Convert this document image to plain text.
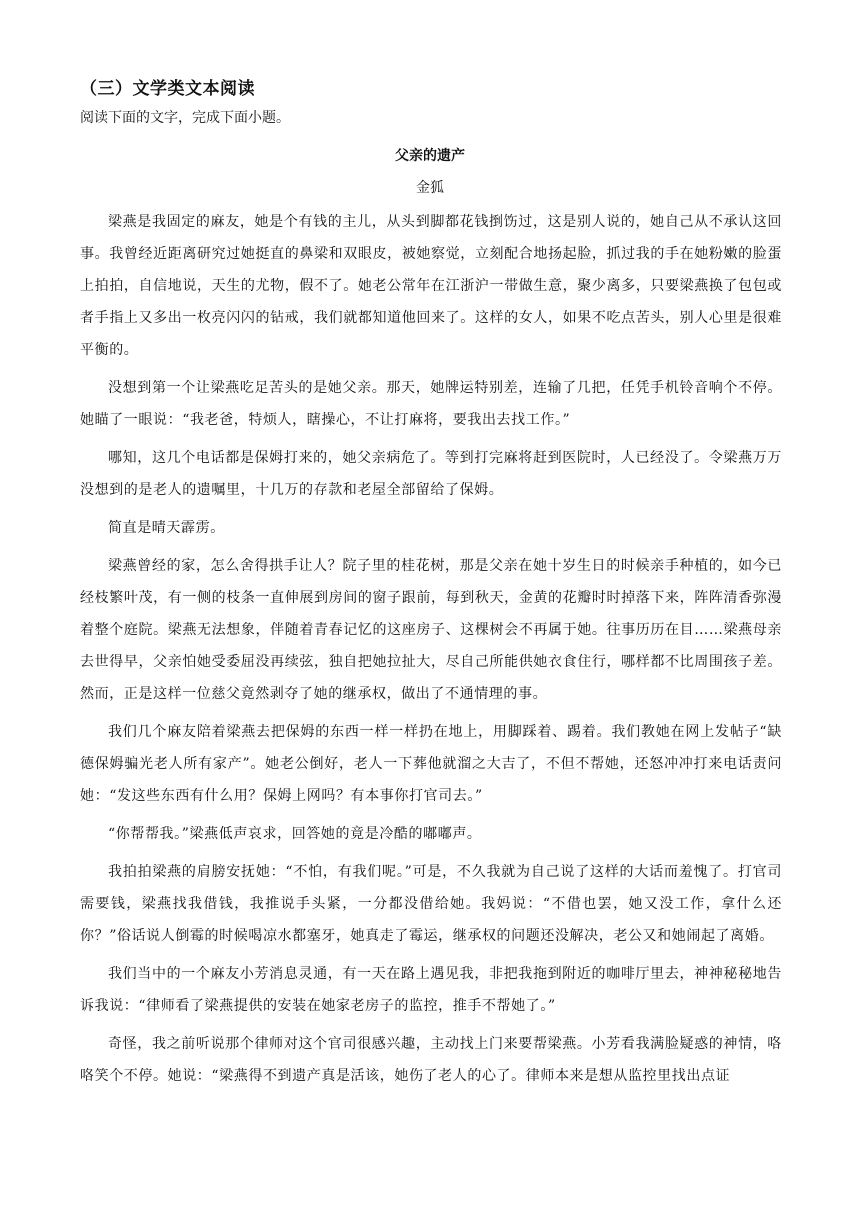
（三）文学类文本阅读
阅读下面的文字，完成下面小题。
父亲的遗产
金狐

梁燕是我固定的麻友，她是个有钱的主儿，从头到脚都花钱捯饬过，这是别人说的，她自己从不承认这回事。我曾经近距离研究过她挺直的鼻梁和双眼皮，被她察觉，立刻配合地扬起脸，抓过我的手在她粉嫩的脸蛋上拍拍，自信地说，天生的尤物，假不了。她老公常年在江浙沪一带做生意，聚少离多，只要梁燕换了包包或者手指上又多出一枚亮闪闪的钻戒，我们就都知道他回来了。这样的女人，如果不吃点苦头，别人心里是很难平衡的。

没想到第一个让梁燕吃足苦头的是她父亲。那天，她牌运特别差，连输了几把，任凭手机铃音响个不停。她瞄了一眼说：“我老爸，特烦人，瞎操心，不让打麻将，要我出去找工作。”

哪知，这几个电话都是保姆打来的，她父亲病危了。等到打完麻将赶到医院时，人已经没了。令梁燕万万没想到的是老人的遗嘱里，十几万的存款和老屋全部留给了保姆。

简直是晴天霹雳。

梁燕曾经的家，怎么舍得拱手让人？院子里的桂花树，那是父亲在她十岁生日的时候亲手种植的，如今已经枝繁叶茂，有一侧的枝条一直伸展到房间的窗子跟前，每到秋天，金黄的花瓣时时掉落下来，阵阵清香弥漫着整个庭院。梁燕无法想象，伴随着青春记忆的这座房子、这棵树会不再属于她。往事历历在目……梁燕母亲去世得早，父亲怕她受委屈没再续弦，独自把她拉扯大，尽自己所能供她衣食住行，哪样都不比周围孩子差。然而，正是这样一位慈父竟然剥夺了她的继承权，做出了不通情理的事。

我们几个麻友陪着梁燕去把保姆的东西一样一样扔在地上，用脚踩着、踢着。我们教她在网上发帖子“缺德保姆骗光老人所有家产”。她老公倒好，老人一下葬他就溜之大吉了，不但不帮她，还怒冲冲打来电话责问她：“发这些东西有什么用？保姆上网吗？有本事你打官司去。”

“你帮帮我。”梁燕低声哀求，回答她的竟是冷酷的嘟嘟声。

我拍拍梁燕的肩膀安抚她：“不怕，有我们呢。”可是，不久我就为自己说了这样的大话而羞愧了。打官司需要钱，梁燕找我借钱，我推说手头紧，一分都没借给她。我妈说：“不借也罢，她又没工作，拿什么还你？”俗话说人倒霉的时候喝凉水都塞牙，她真走了霉运，继承权的问题还没解决，老公又和她闹起了离婚。

我们当中的一个麻友小芳消息灵通，有一天在路上遇见我，非把我拖到附近的咖啡厅里去，神神秘秘地告诉我说：“律师看了梁燕提供的安装在她家老房子的监控，推手不帮她了。”

奇怪，我之前听说那个律师对这个官司很感兴趣，主动找上门来要帮梁燕。小芳看我满脸疑惑的神情，咯咯笑个不停。她说：“梁燕得不到遗产真是活该，她伤了老人的心了。律师本来是想从监控里找出点证
